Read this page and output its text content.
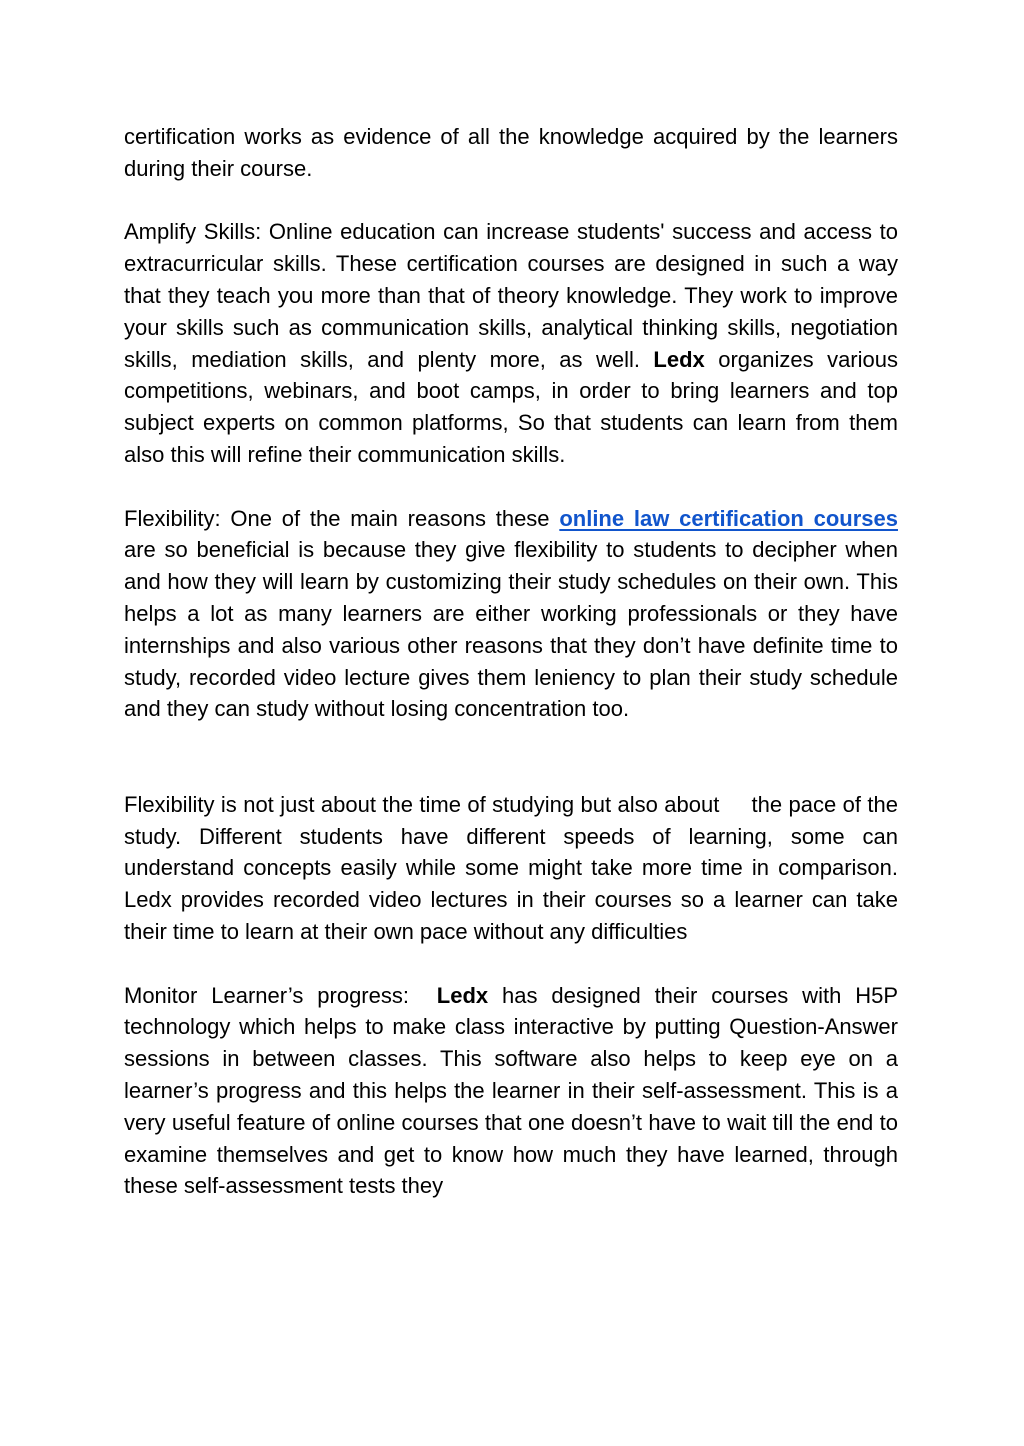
certification works as evidence of all the knowledge acquired by the learners during their course.

Amplify Skills: Online education can increase students' success and access to extracurricular skills. These certification courses are designed in such a way that they teach you more than that of theory knowledge. They work to improve your skills such as communication skills, analytical thinking skills, negotiation skills, mediation skills, and plenty more, as well. Ledx organizes various competitions, webinars, and boot camps, in order to bring learners and top subject experts on common platforms, So that students can learn from them also this will refine their communication skills.

Flexibility: One of the main reasons these online law certification courses are so beneficial is because they give flexibility to students to decipher when and how they will learn by customizing their study schedules on their own. This helps a lot as many learners are either working professionals or they have internships and also various other reasons that they don’t have definite time to study, recorded video lecture gives them leniency to plan their study schedule and they can study without losing concentration too.

Flexibility is not just about the time of studying but also about     the pace of the study. Different students have different speeds of learning, some can understand concepts easily while some might take more time in comparison. Ledx provides recorded video lectures in their courses so a learner can take their time to learn at their own pace without any difficulties

Monitor Learner’s progress:  Ledx has designed their courses with H5P technology which helps to make class interactive by putting Question-Answer sessions in between classes. This software also helps to keep eye on a learner’s progress and this helps the learner in their self-assessment. This is a very useful feature of online courses that one doesn’t have to wait till the end to examine themselves and get to know how much they have learned, through these self-assessment tests they
